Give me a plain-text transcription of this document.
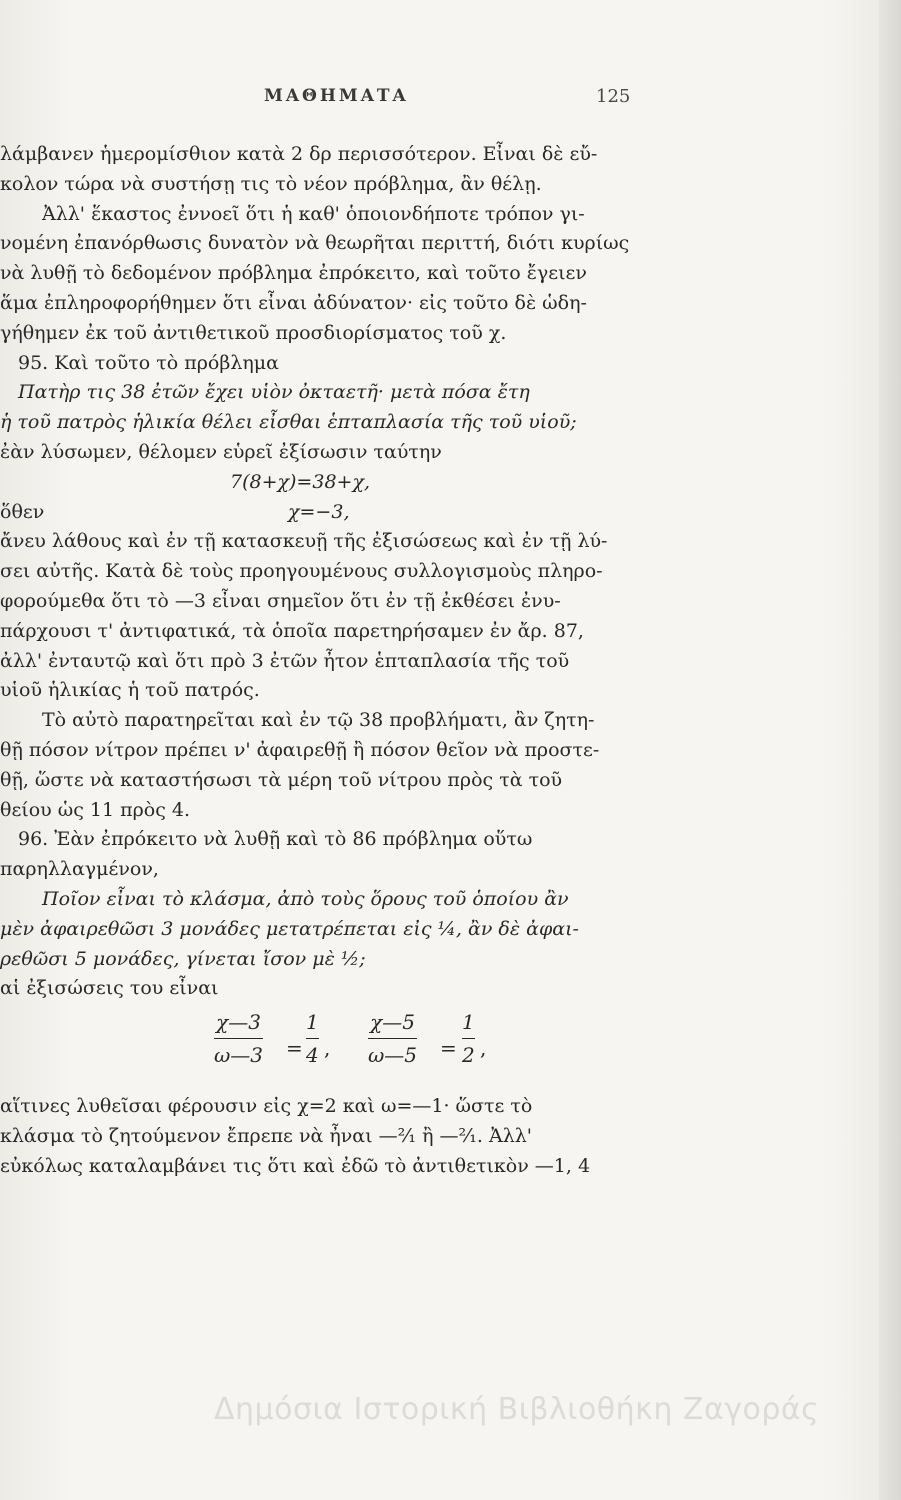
ΜΑΘΗΜΑΤΑ	125
λάμβανεν ἡμερομίσθιον κατὰ 2 δρ περισσότερον. Εἶναι δὲ εὔ-
κολον τώρα νὰ συστήσῃ τις τὸ νέον πρόβλημα, ἂν θέλῃ.
Ἀλλ' ἕκαστος ἐννοεῖ ὅτι ἡ καθ' ὁποιονδήποτε τρόπον γι-
νομένη ἐπανόρθωσις δυνατὸν νὰ θεωρῆται περιττή, διότι κυρίως
νὰ λυθῇ τὸ δεδομένον πρόβλημα ἐπρόκειτο, καὶ τοῦτο ἔγειεν
ἅμα ἐπληροφορήθημεν ὅτι εἶναι ἀδύνατον· εἰς τοῦτο δὲ ὡδη-
γήθημεν ἐκ τοῦ ἀντιθετικοῦ προσδιορίσματος τοῦ χ.
95. Καὶ τοῦτο τὸ πρόβλημα
Πατὴρ τις 38 ἐτῶν ἔχει υἱὸν ὀκταετῆ· μετὰ πόσα ἔτη
ἡ τοῦ πατρὸς ἡλικία θέλει εἶσθαι ἑπταπλασία τῆς τοῦ υἱοῦ;
ἐὰν λύσωμεν, θέλομεν εὑρεῖ ἐξίσωσιν ταύτην
7(8+χ)=38+χ,
ὅθεν	χ=−3,
ἄνευ λάθους καὶ ἐν τῇ κατασκευῇ τῆς ἐξισώσεως καὶ ἐν τῇ λύ-
σει αὐτῆς. Κατὰ δὲ τοὺς προηγουμένους συλλογισμοὺς πληρο-
φορούμεθα ὅτι τὸ —3 εἶναι σημεῖον ὅτι ἐν τῇ ἐκθέσει ἐνυ-
πάρχουσι τ' ἀντιφατικά, τὰ ὁποῖα παρετηρήσαμεν ἐν ἄρ. 87,
ἀλλ' ἐνταυτῷ καὶ ὅτι πρὸ 3 ἐτῶν ἦτον ἑπταπλασία τῆς τοῦ
υἱοῦ ἡλικίας ἡ τοῦ πατρός.
Τὸ αὐτὸ παρατηρεῖται καὶ ἐν τῷ 38 προβλήματι, ἂν ζητη-
θῇ πόσον νίτρον πρέπει ν' ἀφαιρεθῇ ἢ πόσον θεῖον νὰ προστε-
θῇ, ὥστε νὰ καταστήσωσι τὰ μέρη τοῦ νίτρου πρὸς τὰ τοῦ
θείου ὡς 11 πρὸς 4.
96. Ἐὰν ἐπρόκειτο νὰ λυθῇ καὶ τὸ 86 πρόβλημα οὕτω
παρηλλαγμένον,
Ποῖον εἶναι τὸ κλάσμα, ἀπὸ τοὺς ὅρους τοῦ ὁποίου ἂν
μὲν ἀφαιρεθῶσι 3 μονάδες μετατρέπεται εἰς ¼, ἂν δὲ ἀφαι-
ρεθῶσι 5 μονάδες, γίνεται ἴσον μὲ ½;
αἱ ἐξισώσεις του εἶναι
χ—3
ω—3 =
1
4 ,
χ—5
ω—5 =
1
2 ,
αἵτινες λυθεῖσαι φέρουσιν εἰς χ=2 καὶ ω=—1· ὥστε τὸ
κλάσμα τὸ ζητούμενον ἔπρεπε νὰ ἦναι —²⁄₁ ἢ —²⁄₁. Ἀλλ'
εὐκόλως καταλαμβάνει τις ὅτι καὶ ἐδῶ τὸ ἀντιθετικὸν —1, 4
Δημόσια Ιστορική Βιβλιοθήκη Ζαγοράς
